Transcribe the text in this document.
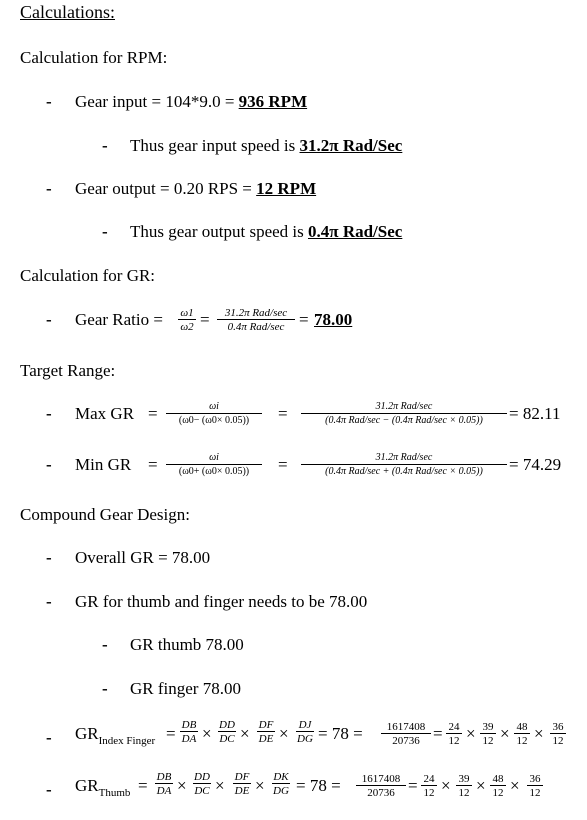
Calculations:
Calculation for RPM:
- Gear input = 104*9.0 = 936 RPM
- Thus gear input speed is 31.2π Rad/Sec
- Gear output = 0.20 RPS = 12 RPM
- Thus gear output speed is 0.4π Rad/Sec
Calculation for GR:
- Gear Ratio = $\frac{\omega 1}{\omega 2}$ =	31.2π Rad/sec
0.4π Rad/sec = 78.00
Target Range:
- Max GR = $\frac{\omega i}{(\omega 0- (\omega 0\times 0.05))}$ =	31.2π Rad/sec
(0.4π Rad/sec − (0.4π Rad/sec × 0.05))	= 82.11
- Min GR = $\frac{\omega i}{(\omega 0+ (\omega 0\times 0.05))}$ =	31.2π Rad/sec
(0.4π Rad/sec + (0.4π Rad/sec × 0.05))	= 74.29
Compound Gear Design:
- Overall GR = 78.00
- GR for thumb and finger needs to be 78.00
- GR thumb 78.00
- GR finger 78.00
- $GR_{Index Finger} = \frac{DB}{DA} \times \frac{DD}{DC} \times \frac{DF}{DE} \times \frac{DJ}{DG} = 78 = \frac{1617408}{20736} = \frac{24}{12} \times \frac{39}{12} \times \frac{48}{12} \times \frac{36}{12}$
- $GR_{Thumb} = \frac{DB}{DA} \times \frac{DD}{DC} \times \frac{DF}{DE} \times \frac{DK}{DG} = 78 = \frac{1617408}{20736} = \frac{24}{12} \times \frac{39}{12} \times \frac{48}{12} \times \frac{36}{12}$
